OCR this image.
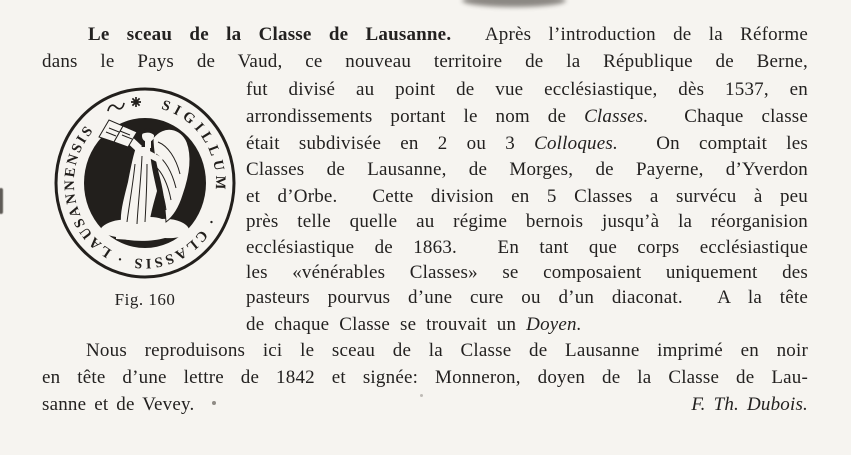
SIGILLUM · CLASSIS · LAUSANNENSIS
Fig. 160
Le sceau de la Classe de Lausanne.  Après l’introduction de la Réforme
dans le Pays de Vaud, ce nouveau territoire de la République de Berne,
fut divisé au point de vue ecclésiastique, dès 1537, en
arrondissements portant le nom de Classes.  Chaque classe
était subdivisée en 2 ou 3 Colloques.  On comptait les
Classes de Lausanne, de Morges, de Payerne, d’Yverdon
et d’Orbe.  Cette division en 5 Classes a survécu à peu
près telle quelle au régime bernois jusqu’à la réorganision
ecclésiastique de 1863.  En tant que corps ecclésiastique
les «vénérables Classes» se composaient uniquement des
pasteurs pourvus d’une cure ou d’un diaconat.  A la tête
de chaque Classe se trouvait un Doyen.
Nous reproduisons ici le sceau de la Classe de Lausanne imprimé en noir
en tête d’une lettre de 1842 et signée: Monneron, doyen de la Classe de Lau-
sanne et de Vevey.	F. Th. Dubois.
